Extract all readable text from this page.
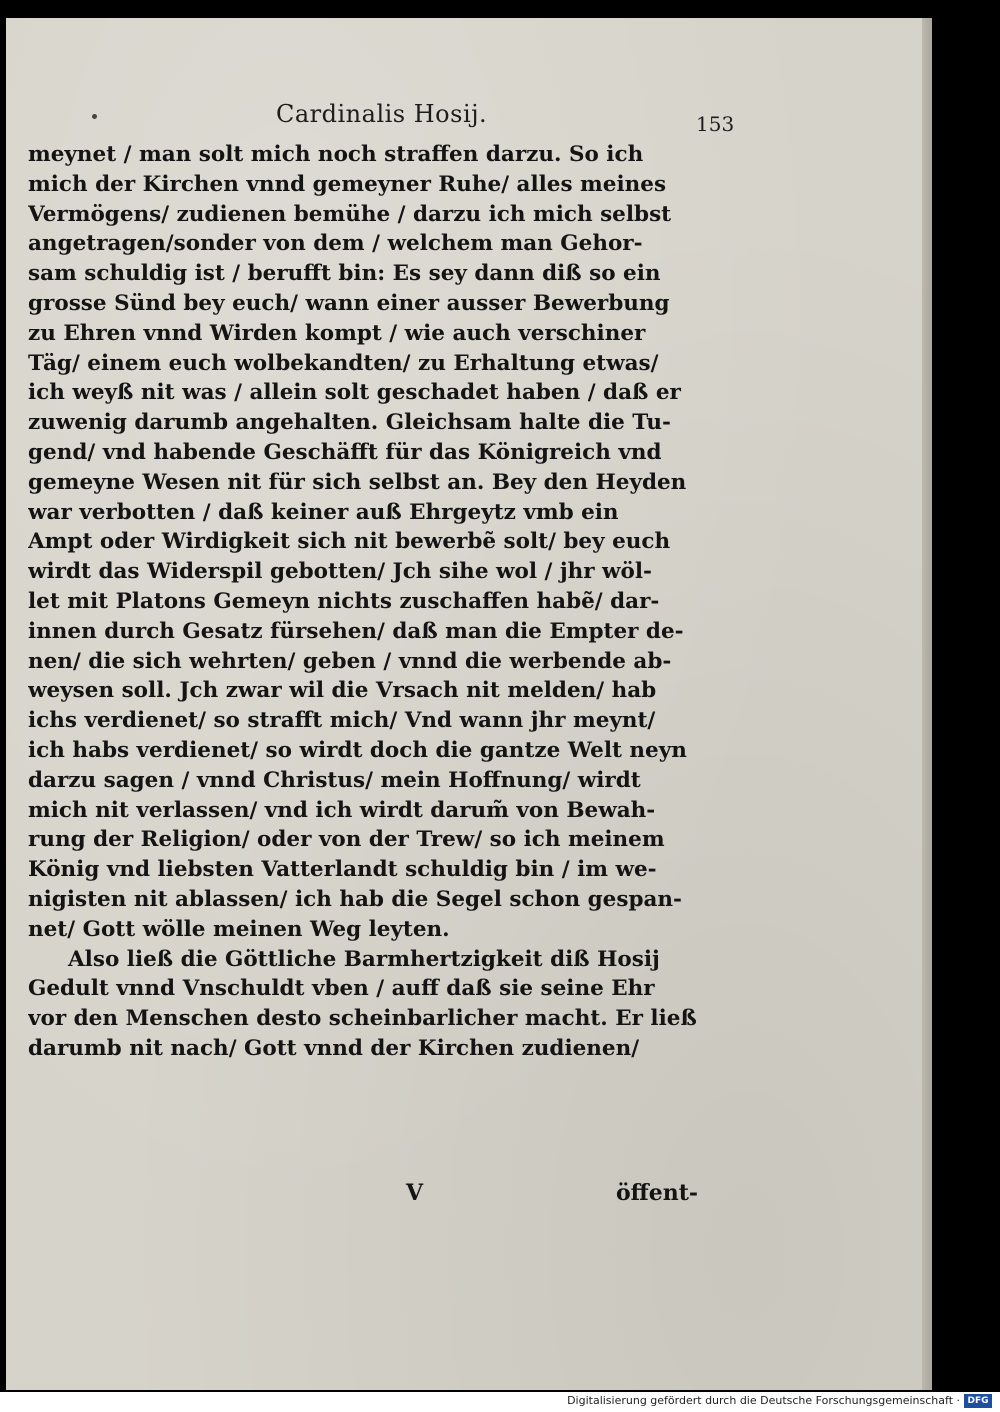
Cardinalis Hosij.	153
meynet / man solt mich noch straffen darzu. So ich
mich der Kirchen vnnd gemeyner Ruhe/ alles meines
Vermögens/ zudienen bemühe / darzu ich mich selbst
angetragen/sonder von dem / welchem man Gehor-
sam schuldig ist / berufft bin: Es sey dann diß so ein
grosse Sünd bey euch/ wann einer ausser Bewerbung
zu Ehren vnnd Wirden kompt / wie auch verschiner
Täg/ einem euch wolbekandten/ zu Erhaltung etwas/
ich weyß nit was / allein solt geschadet haben / daß er
zuwenig darumb angehalten. Gleichsam halte die Tu-
gend/ vnd habende Geschäfft für das Königreich vnd
gemeyne Wesen nit für sich selbst an. Bey den Heyden
war verbotten / daß keiner auß Ehrgeytz vmb ein
Ampt oder Wirdigkeit sich nit bewerbẽ solt/ bey euch
wirdt das Widerspil gebotten/ Jch sihe wol / jhr wöl-
let mit Platons Gemeyn nichts zuschaffen habẽ/ dar-
innen durch Gesatz fürsehen/ daß man die Empter de-
nen/ die sich wehrten/ geben / vnnd die werbende ab-
weysen soll. Jch zwar wil die Vrsach nit melden/ hab
ichs verdienet/ so strafft mich/ Vnd wann jhr meynt/
ich habs verdienet/ so wirdt doch die gantze Welt neyn
darzu sagen / vnnd Christus/ mein Hoffnung/ wirdt
mich nit verlassen/ vnd ich wirdt darum̃ von Bewah-
rung der Religion/ oder von der Trew/ so ich meinem
König vnd liebsten Vatterlandt schuldig bin / im we-
nigisten nit ablassen/ ich hab die Segel schon gespan-
net/ Gott wölle meinen Weg leyten.
Also ließ die Göttliche Barmhertzigkeit diß Hosij
Gedult vnnd Vnschuldt vben / auff daß sie seine Ehr
vor den Menschen desto scheinbarlicher macht. Er ließ
darumb nit nach/ Gott vnnd der Kirchen zudienen/
V	öffent-
Digitalisierung gefördert durch die Deutsche Forschungsgemeinschaft · DFG
